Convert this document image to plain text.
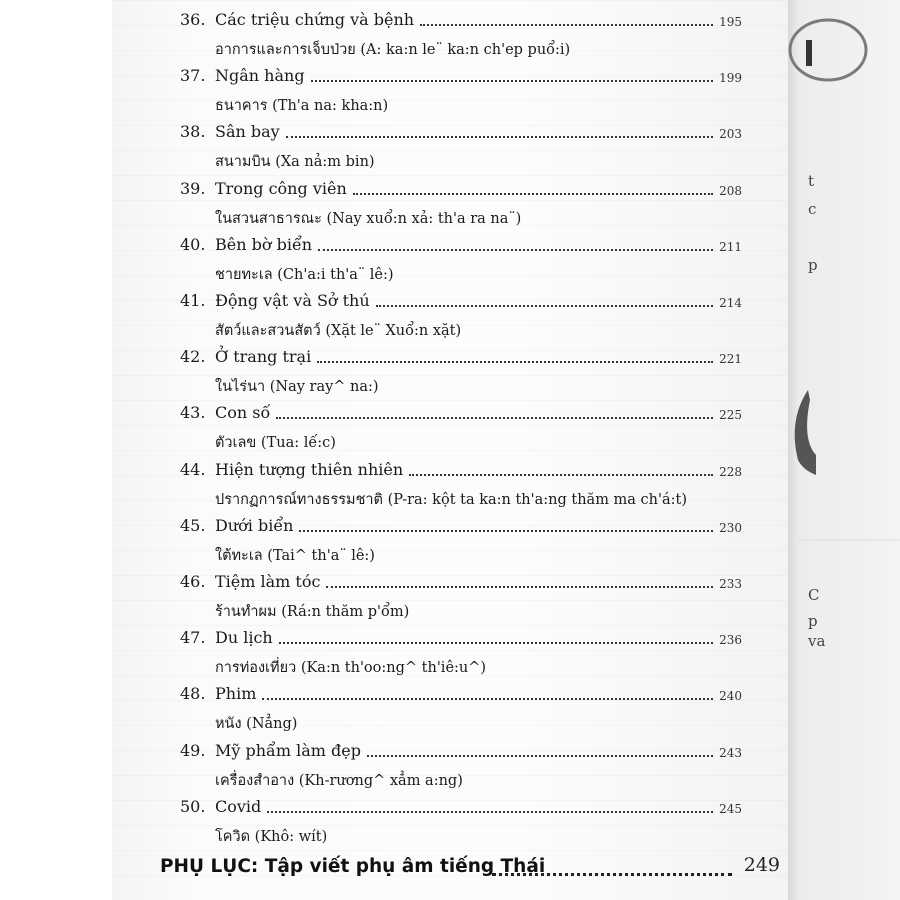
36. Các triệu chứng và bệnh	195
อาการและการเจ็บป่วย (A: ka:n le¨ ka:n ch'ep puổ:i)
37. Ngân hàng	199
ธนาคาร (Th'a na: kha:n)
38. Sân bay	203
สนามบิน (Xa nả:m bin)
39. Trong công viên	208
ในสวนสาธารณะ (Nay xuổ:n xả: th'a ra na¨)
40. Bên bờ biển	211
ชายทะเล (Ch'a:i th'a¨ lê:)
41. Động vật và Sở thú	214
สัตว์และสวนสัตว์ (Xặt le¨ Xuổ:n xặt)
42. Ở trang trại	221
ในไร่นา (Nay ray^ na:)
43. Con số	225
ตัวเลข (Tua: lế:c)
44. Hiện tượng thiên nhiên	228
ปรากฏการณ์ทางธรรมชาติ (P-ra: kột ta ka:n th'a:ng thăm ma ch'á:t)
45. Dưới biển	230
ใต้ทะเล (Tai^ th'a¨ lê:)
46. Tiệm làm tóc	233
ร้านทำผม (Rá:n thăm p'ổm)
47. Du lịch	236
การท่องเที่ยว (Ka:n th'oo:ng^ th'iê:u^)
48. Phim	240
หนัง (Nẳng)
49. Mỹ phẩm làm đẹp	243
เครื่องสำอาง (Kh-rương^ xẳm a:ng)
50. Covid	245
โควิด (Khô: wít)
PHỤ LỤC: Tập viết phụ âm tiếng Thái	249
t
c
p
C
p
va
